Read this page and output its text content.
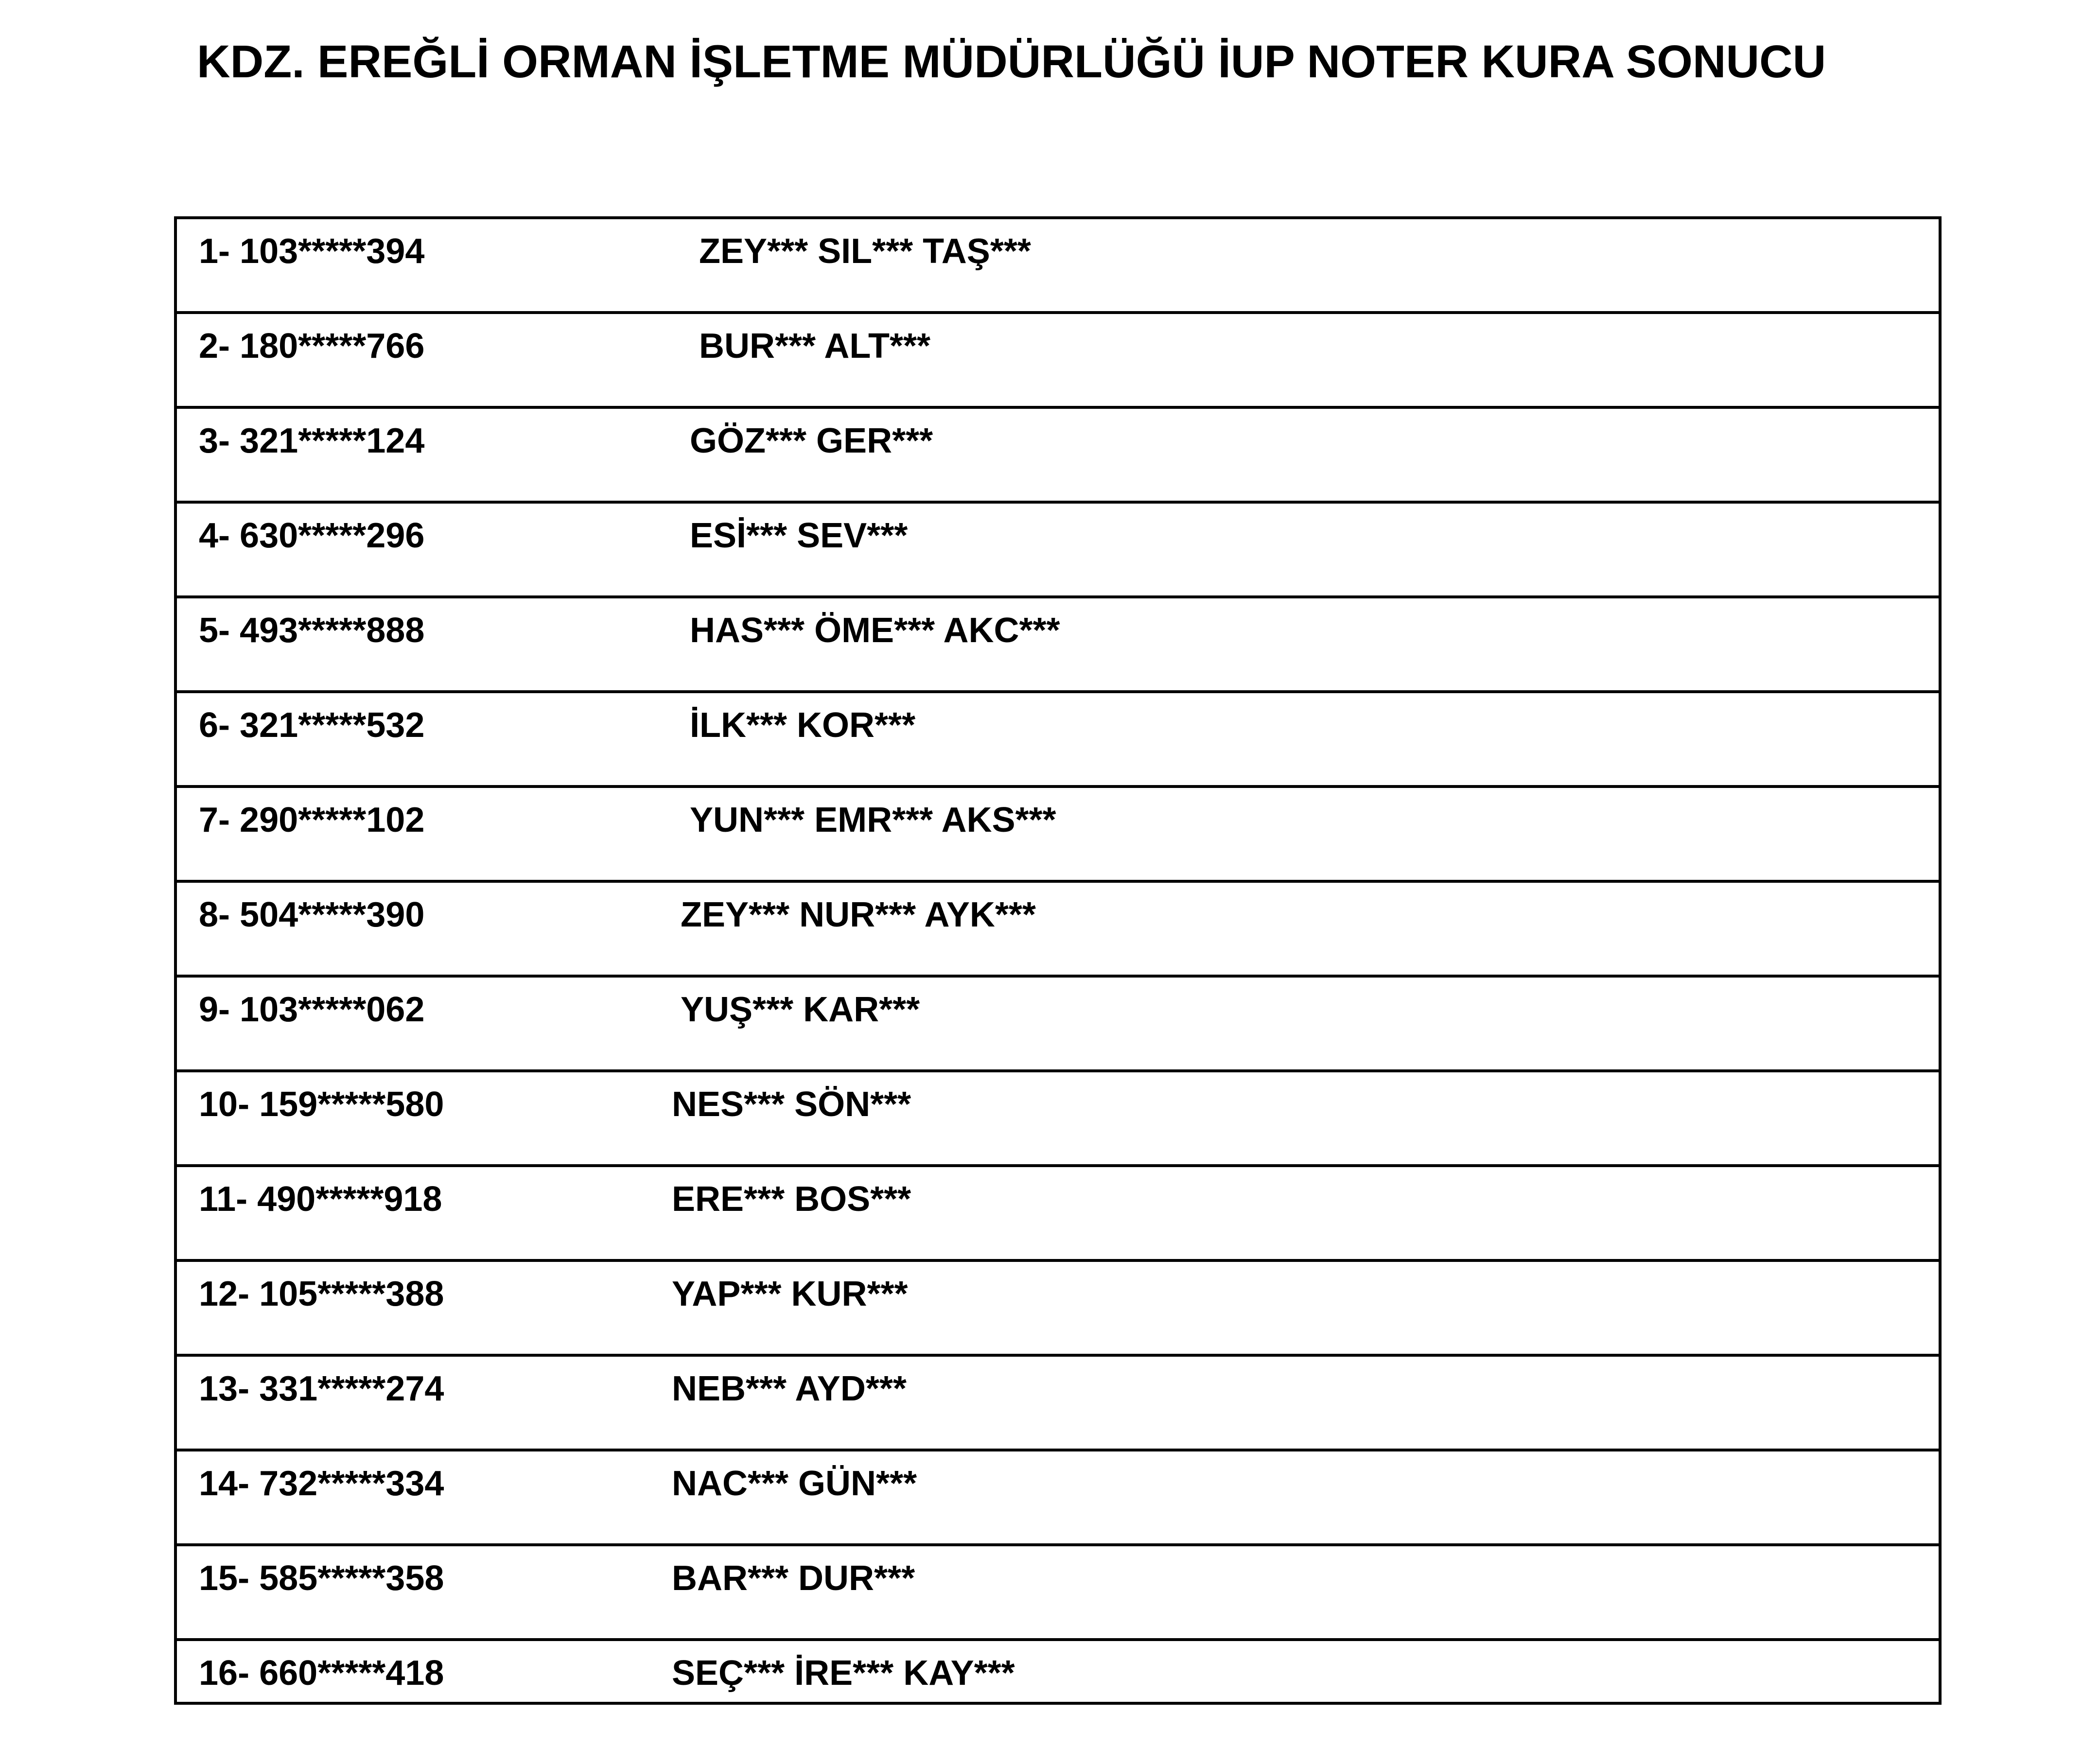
KDZ. EREĞLİ ORMAN İŞLETME MÜDÜRLÜĞÜ İUP NOTER KURA SONUCU
1- 103*****394	ZEY*** SIL*** TAŞ***
2- 180*****766	BUR*** ALT***
3- 321*****124	GÖZ*** GER***
4- 630*****296	ESİ*** SEV***
5- 493*****888	HAS*** ÖME*** AKC***
6- 321*****532	İLK*** KOR***
7- 290*****102	YUN*** EMR*** AKS***
8- 504*****390	ZEY*** NUR*** AYK***
9- 103*****062	YUŞ*** KAR***
10- 159*****580	NES*** SÖN***
11- 490*****918	ERE*** BOS***
12- 105*****388	YAP*** KUR***
13- 331*****274	NEB*** AYD***
14- 732*****334	NAC*** GÜN***
15- 585*****358	BAR*** DUR***
16- 660*****418	SEÇ*** İRE*** KAY***
